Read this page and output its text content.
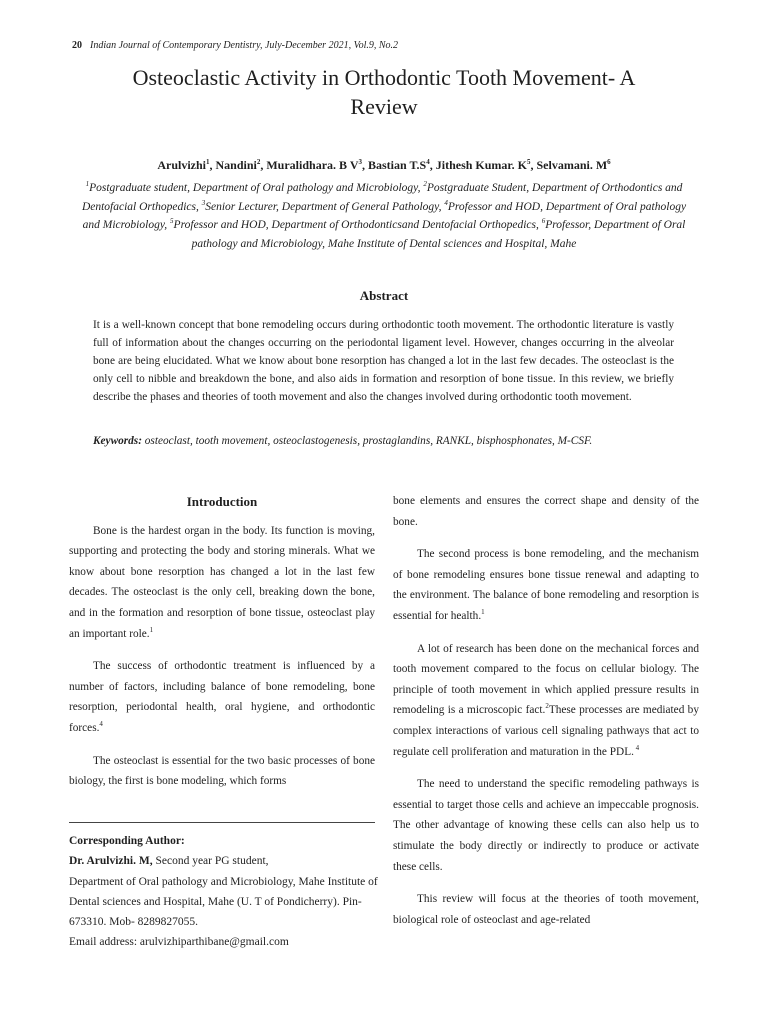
20 Indian Journal of Contemporary Dentistry, July-December 2021, Vol.9, No.2
Osteoclastic Activity in Orthodontic Tooth Movement- A
Review
Arulvizhi$^1$, Nandini$^2$, Muralidhara. B $V^3$, Bastian $T.S^4$, Jithesh Kumar. $K^5$, Selvamani. $M^6$
$^1$Postgraduate student, Department of Oral pathology and Microbiology, $^2$Postgraduate Student, Department of Orthodontics and Dentofacial Orthopedics, $^3$Senior Lecturer, Department of General Pathology, $^4$Professor and HOD, Department of Oral pathology and Microbiology, $^5$Professor and HOD, Department of Orthodonticsand Dentofacial Orthopedics, $^6$Professor, Department of Oral pathology and Microbiology, Mahe Institute of Dental sciences and Hospital, Mahe
Abstract
It is a well-known concept that bone remodeling occurs during orthodontic tooth movement. The orthodontic literature is vastly full of information about the changes occurring on the periodontal ligament level. However, changes occurring in the alveolar bone are being elucidated. What we know about bone resorption has changed a lot in the last few decades. The osteoclast is the only cell to nibble and breakdown the bone, and also aids in formation and resorption of bone tissue. In this review, we briefly describe the phases and theories of tooth movement and also the changes involved during orthodontic tooth movement.
Keywords: osteoclast, tooth movement, osteoclastogenesis, prostaglandins, RANKL, bisphosphonates, M-CSF.
Introduction

Bone is the hardest organ in the body. Its function is moving, supporting and protecting the body and storing minerals. What we know about bone resorption has changed a lot in the last few decades. The osteoclast is the only cell, breaking down the bone, and in the formation and resorption of bone tissue, osteoclast play an important role.$^1$

The success of orthodontic treatment is influenced by a number of factors, including balance of bone remodeling, bone resorption, periodontal health, oral hygiene, and orthodontic forces.$^4$

The osteoclast is essential for the two basic processes of bone biology, the first is bone modeling, which forms

bone elements and ensures the correct shape and density of the bone.

The second process is bone remodeling, and the mechanism of bone remodeling ensures bone tissue renewal and adapting to the environment. The balance of bone remodeling and resorption is essential for health.$^1$

A lot of research has been done on the mechanical forces and tooth movement compared to the focus on cellular biology. The principle of tooth movement in which applied pressure results in remodeling is a microscopic fact.$^2$These processes are mediated by complex interactions of various cell signaling pathways that act to regulate cell proliferation and maturation in the PDL. $^4$

The need to understand the specific remodeling pathways is essential to target those cells and achieve an impeccable prognosis. The other advantage of knowing these cells can also help us to stimulate the body directly or indirectly to produce or activate these cells.

This review will focus at the theories of tooth movement, biological role of osteoclast and age-related

Corresponding Author:
Dr. Arulvizhi. M, Second year PG student,
Department of Oral pathology and Microbiology, Mahe Institute of Dental sciences and Hospital, Mahe (U. T of Pondicherry). Pin- 673310. Mob- 8289827055.
Email address: arulvizhiparthibane@gmail.com
